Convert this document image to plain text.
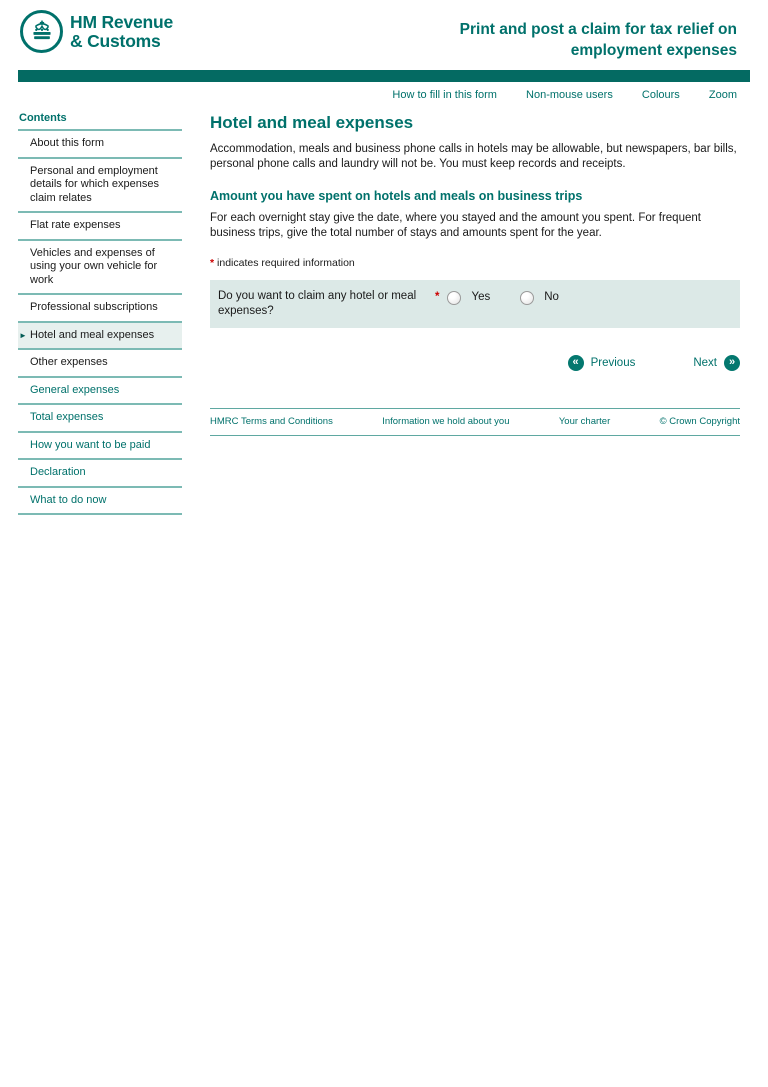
HM Revenue
& Customs
Print and post a claim for tax relief on
employment expenses
How to fill in this form	Non-mouse users	Colours	Zoom
Contents
About this form
Personal and employment details for which expenses claim relates
Flat rate expenses
Vehicles and expenses of using your own vehicle for work
Professional subscriptions
► Hotel and meal expenses
Other expenses
General expenses
Total expenses
How you want to be paid
Declaration
What to do now
Hotel and meal expenses

Accommodation, meals and business phone calls in hotels may be allowable, but newspapers, bar bills, personal phone calls and laundry will not be. You must keep records and receipts.

Amount you have spent on hotels and meals on business trips

For each overnight stay give the date, where you stayed and the amount you spent. For frequent business trips, give the total number of stays and amounts spent for the year.

* indicates required information

Do you want to claim any hotel or meal expenses?
*	Yes	No
«	Previous	Next	»
HMRC Terms and Conditions	Information we hold about you	Your charter	© Crown Copyright
